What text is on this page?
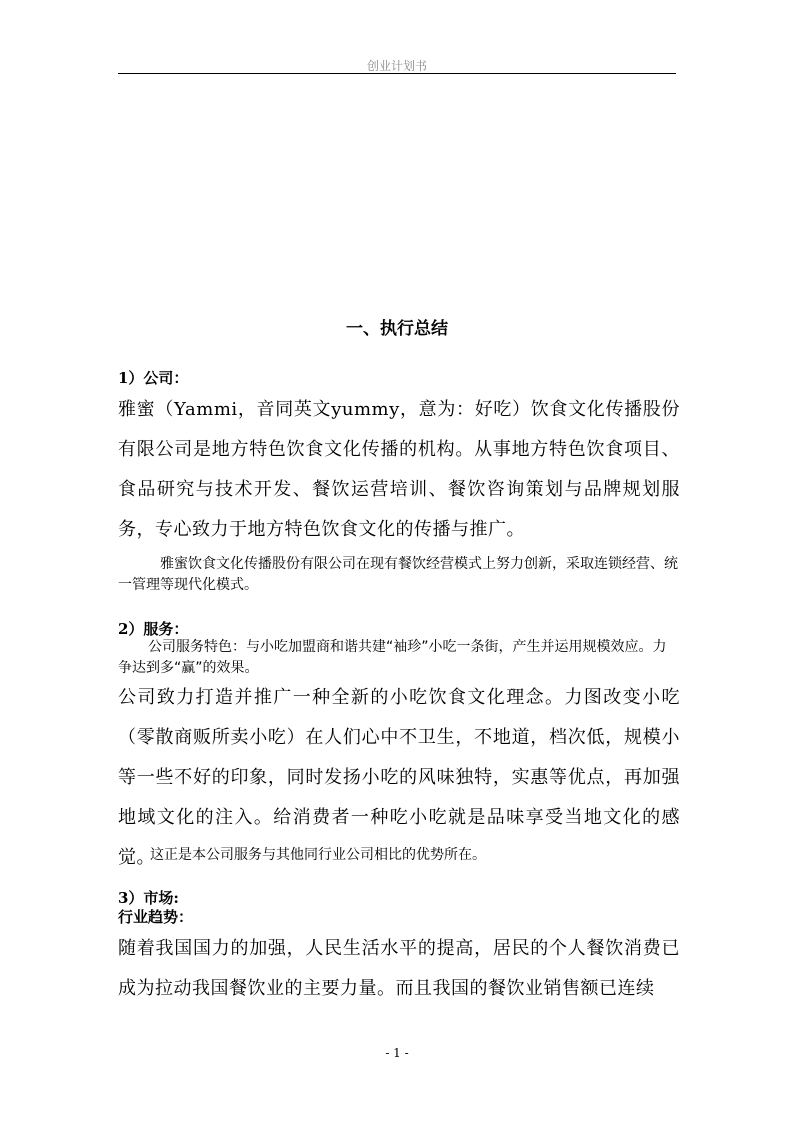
创业计划书
一、执行总结
1）公司：

雅蜜（Yammi，音同英文yummy，意为：好吃）饮食文化传播股份有限公司是地方特色饮食文化传播的机构。从事地方特色饮食项目、食品研究与技术开发、餐饮运营培训、餐饮咨询策划与品牌规划服务，专心致力于地方特色饮食文化的传播与推广。

雅蜜饮食文化传播股份有限公司在现有餐饮经营模式上努力创新，采取连锁经营、统一管理等现代化模式。

2）服务：

公司服务特色：与小吃加盟商和谐共建“袖珍”小吃一条街，产生并运用规模效应。力争达到多“赢”的效果。

公司致力打造并推广一种全新的小吃饮食文化理念。力图改变小吃（零散商贩所卖小吃）在人们心中不卫生，不地道，档次低，规模小等一些不好的印象，同时发扬小吃的风味独特，实惠等优点，再加强地域文化的注入。给消费者一种吃小吃就是品味享受当地文化的感觉。

这正是本公司服务与其他同行业公司相比的优势所在。

3）市场:
行业趋势：

随着我国国力的加强，人民生活水平的提高，居民的个人餐饮消费已成为拉动我国餐饮业的主要力量。而且我国的餐饮业销售额已连续

- 1 -
